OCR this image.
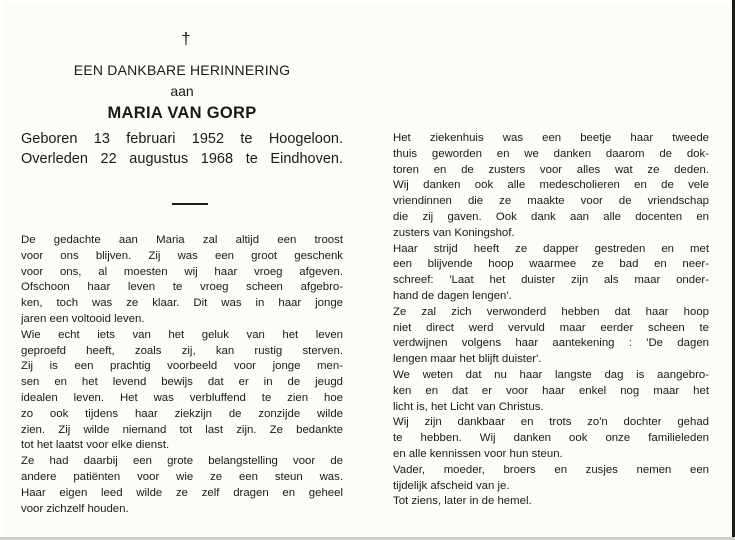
†
EEN DANKBARE HERINNERING
aan
MARIA VAN GORP
Geboren 13 februari 1952 te Hoogeloon.
Overleden 22 augustus 1968 te Eindhoven.
De gedachte aan Maria zal altijd een troost
voor ons blijven. Zij was een groot geschenk
voor ons, al moesten wij haar vroeg afgeven.
Ofschoon haar leven te vroeg scheen afgebro-
ken, toch was ze klaar. Dit was in haar jonge
jaren een voltooid leven.
Wie echt iets van het geluk van het leven
geproefd heeft, zoals zij, kan rustig sterven.
Zij is een prachtig voorbeeld voor jonge men-
sen en het levend bewijs dat er in de jeugd
idealen leven. Het was verbluffend te zien hoe
zo ook tijdens haar ziekzijn de zonzijde wilde
zien. Zij wilde niemand tot last zijn. Ze bedankte
tot het laatst voor elke dienst.
Ze had daarbij een grote belangstelling voor de
andere patiënten voor wie ze een steun was.
Haar eigen leed wilde ze zelf dragen en geheel
voor zichzelf houden.
Het ziekenhuis was een beetje haar tweede
thuis geworden en we danken daarom de dok-
toren en de zusters voor alles wat ze deden.
Wij danken ook alle medescholieren en de vele
vriendinnen die ze maakte voor de vriendschap
die zij gaven. Ook dank aan alle docenten en
zusters van Koningshof.
Haar strijd heeft ze dapper gestreden en met
een blijvende hoop waarmee ze bad en neer-
schreef: 'Laat het duister zijn als maar onder-
hand de dagen lengen'.
Ze zal zich verwonderd hebben dat haar hoop
niet direct werd vervuld maar eerder scheen te
verdwijnen volgens haar aantekening : 'De dagen
lengen maar het blijft duister'.
We weten dat nu haar langste dag is aangebro-
ken en dat er voor haar enkel nog maar het
licht is, het Licht van Christus.
Wij zijn dankbaar en trots zo'n dochter gehad
te hebben. Wij danken ook onze familieleden
en alle kennissen voor hun steun.
Vader, moeder, broers en zusjes nemen een
tijdelijk afscheid van je.
Tot ziens, later in de hemel.
